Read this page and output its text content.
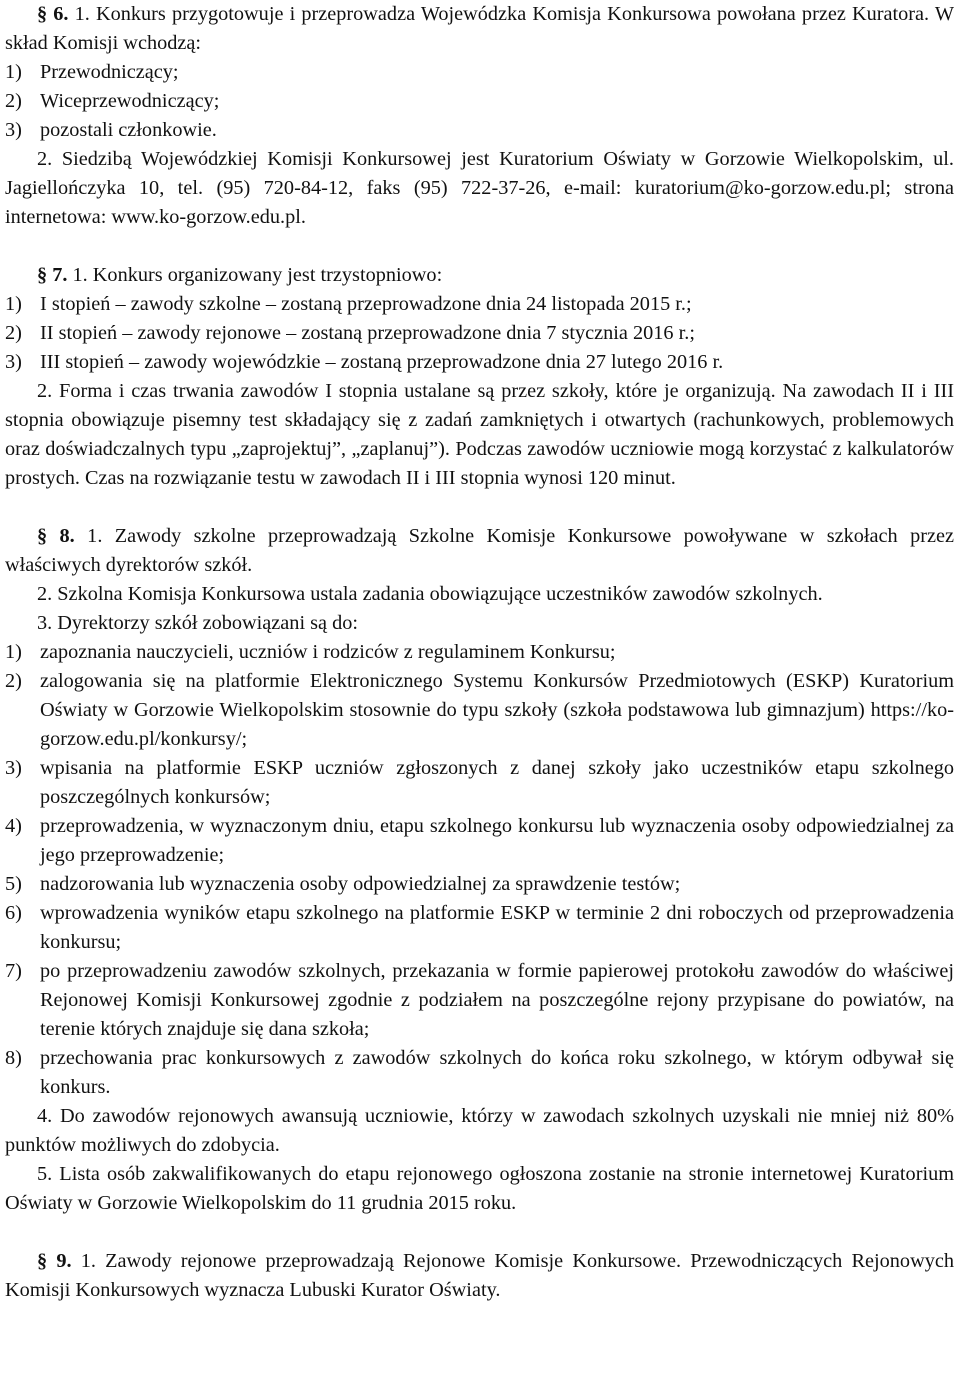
§ 6. 1. Konkurs przygotowuje i przeprowadza Wojewódzka Komisja Konkursowa powołana przez Kuratora. W skład Komisji wchodzą:

1) Przewodniczący;
2) Wiceprzewodniczący;
3) pozostali członkowie.

2. Siedzibą Wojewódzkiej Komisji Konkursowej jest Kuratorium Oświaty w Gorzowie Wielkopolskim, ul. Jagiellończyka 10, tel. (95) 720-84-12, faks (95) 722-37-26, e-mail: kuratorium@ko-gorzow.edu.pl; strona internetowa: www.ko-gorzow.edu.pl.

§ 7. 1. Konkurs organizowany jest trzystopniowo:

1) I stopień – zawody szkolne – zostaną przeprowadzone dnia 24 listopada 2015 r.;
2) II stopień – zawody rejonowe – zostaną przeprowadzone dnia 7 stycznia 2016 r.;
3) III stopień – zawody wojewódzkie – zostaną przeprowadzone dnia 27 lutego 2016 r.

2. Forma i czas trwania zawodów I stopnia ustalane są przez szkoły, które je organizują. Na zawodach II i III stopnia obowiązuje pisemny test składający się z zadań zamkniętych i otwartych (rachunkowych, problemowych oraz doświadczalnych typu „zaprojektuj”, „zaplanuj”). Podczas zawodów uczniowie mogą korzystać z kalkulatorów prostych. Czas na rozwiązanie testu w zawodach II i III stopnia wynosi 120 minut.

§ 8. 1. Zawody szkolne przeprowadzają Szkolne Komisje Konkursowe powoływane w szkołach przez właściwych dyrektorów szkół.

2. Szkolna Komisja Konkursowa ustala zadania obowiązujące uczestników zawodów szkolnych.

3. Dyrektorzy szkół zobowiązani są do:

1) zapoznania nauczycieli, uczniów i rodziców z regulaminem Konkursu;
2) zalogowania się na platformie Elektronicznego Systemu Konkursów Przedmiotowych (ESKP) Kuratorium Oświaty w Gorzowie Wielkopolskim stosownie do typu szkoły (szkoła podstawowa lub gimnazjum) https://ko-gorzow.edu.pl/konkursy/;
3) wpisania na platformie ESKP uczniów zgłoszonych z danej szkoły jako uczestników etapu szkolnego poszczególnych konkursów;
4) przeprowadzenia, w wyznaczonym dniu, etapu szkolnego konkursu lub wyznaczenia osoby odpowiedzialnej za jego przeprowadzenie;
5) nadzorowania lub wyznaczenia osoby odpowiedzialnej za sprawdzenie testów;
6) wprowadzenia wyników etapu szkolnego na platformie ESKP w terminie 2 dni roboczych od przeprowadzenia konkursu;
7) po przeprowadzeniu zawodów szkolnych, przekazania w formie papierowej protokołu zawodów do właściwej Rejonowej Komisji Konkursowej zgodnie z podziałem na poszczególne rejony przypisane do powiatów, na terenie których znajduje się dana szkoła;
8) przechowania prac konkursowych z zawodów szkolnych do końca roku szkolnego, w którym odbywał się konkurs.

4. Do zawodów rejonowych awansują uczniowie, którzy w zawodach szkolnych uzyskali nie mniej niż 80% punktów możliwych do zdobycia.

5. Lista osób zakwalifikowanych do etapu rejonowego ogłoszona zostanie na stronie internetowej Kuratorium Oświaty w Gorzowie Wielkopolskim do 11 grudnia 2015 roku.

§ 9. 1. Zawody rejonowe przeprowadzają Rejonowe Komisje Konkursowe. Przewodniczących Rejonowych Komisji Konkursowych wyznacza Lubuski Kurator Oświaty.
